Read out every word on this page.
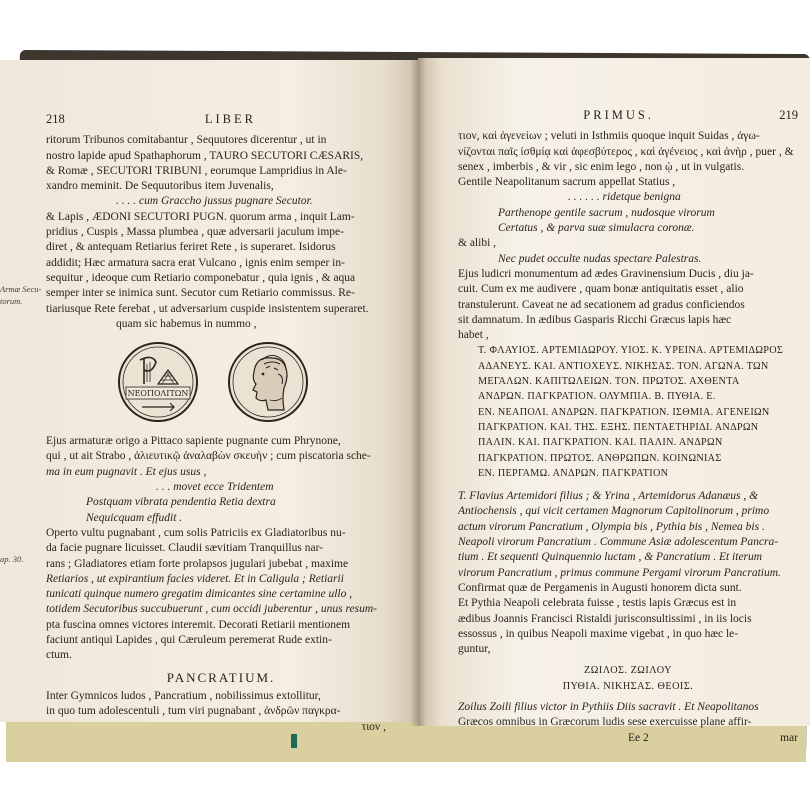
Armæ Secu-
torum.
ap. 30.
218	LIBER
ritorum Tribunos comitabantur , Sequutores dicerentur , ut in
nostro lapide apud Spathaphorum , TAURO SECUTORI CÆSARIS,
& Romæ , SECUTORI TRIBUNI , eorumque Lampridius in Ale-
xandro meminit. De Sequutoribus item Juvenalis,
. . . . cum Graccho jussus pugnare Secutor.
& Lapis , ÆDONI SECUTORI PUGN. quorum arma , inquit Lam-
pridius , Cuspis , Massa plumbea , quæ adversarii jaculum impe-
diret , & antequam Retiarius feriret Rete , is superaret. Isidorus
addidit; Hæc armatura sacra erat Vulcano , ignis enim semper in-
sequitur , ideoque cum Retiario componebatur , quia ignis , & aqua
semper inter se inimica sunt. Secutor cum Retiario commissus. Re-
tiariusque Rete ferebat , ut adversarium cuspide insistentem superaret.
quam sic habemus in nummo ,
ΝΕΟΠΟΛΙΤΩΝ
Ejus armaturæ origo a Pittaco sapiente pugnante cum Phrynone,
qui , ut ait Strabo , ἁλιευτικῷ ἀναλαβὼν σκευὴν ; cum piscatoria sche-
ma in eum pugnavit . Et ejus usus ,
. . . movet ecce Tridentem
Postquam vibrata pendentia Retia dextra
Nequicquam effudit .
Operto vultu pugnabant , cum solis Patriciis ex Gladiatoribus nu-
da facie pugnare licuisset. Claudii sævitiam Tranquillus nar-
rans ; Gladiatores etiam forte prolapsos jugulari jubebat , maxime
Retiarios , ut expirantium facies videret. Et in Caligula ; Retiarii
tunicati quinque numero gregatim dimicantes sine certamine ullo ,
totidem Secutoribus succubuerunt , cum occidi juberentur , unus resum-
pta fuscina omnes victores interemit. Decorati Retiarii mentionem
faciunt antiqui Lapides , qui Cæruleum peremerat Rude extin-
ctum.
PANCRATIUM.
Inter Gymnicos ludos , Pancratium , nobilissimus extollitur,
in quo tum adolescentuli , tum viri pugnabant , ἀνδρῶν παγκρα-
τιον ,
PRIMUS.	219
τιον, καὶ ἀγενείων ; veluti in Isthmiis quoque inquit Suidas , ἀγω-
νίζονται παῖς ἰσθμίᾳ καὶ ἀφεσβύτερος , καὶ ἀγένειος , καὶ ἀνὴρ , puer , &
senex , imberbis , & vir , sic enim lego , non ᾡ , ut in vulgatis.
Gentile Neapolitanum sacrum appellat Statius ,
. . . . . . ridetque benigna
Parthenope gentile sacrum , nudosque virorum
Certatus , & parva suæ simulacra coronæ.
& alibi ,
Nec pudet occulte nudas spectare Palestras.
Ejus ludicri monumentum ad ædes Gravinensium Ducis , diu ja-
cuit. Cum ex me audivere , quam bonæ antiquitatis esset , alio
transtulerunt. Caveat ne ad secationem ad gradus conficiendos
sit damnatum. In ædibus Gasparis Ricchi Græcus lapis hæc
habet ,
Τ. ΦΛΑΥΙΟΣ. ΑΡΤΕΜΙΔΩΡΟΥ. ΥΙΟΣ. Κ. ΥΡΕΙΝΑ. ΑΡΤΕΜΙΔΩΡΟΣ
ΑΔΑΝΕΥΣ. ΚΑΙ. ΑΝΤΙΟΧΕΥΣ. ΝΙΚΗΣΑΣ. ΤΟΝ. ΑΓΩΝΑ. ΤΩΝ
ΜΕΓΑΛΩΝ. ΚΑΠΙΤΩΛΕΙΩΝ. ΤΟΝ. ΠΡΩΤΟΣ. ΑΧΘΕΝΤΑ
ΑΝΔΡΩΝ. ΠΑΓΚΡΑΤΙΟΝ. ΟΛΥΜΠΙΑ. Β. ΠΥΘΙΑ. Ε.
ΕΝ. ΝΕΑΠΟΛΙ. ΑΝΔΡΩΝ. ΠΑΓΚΡΑΤΙΟΝ. ΙΣΘΜΙΑ. ΑΓΕΝΕΙΩΝ
ΠΑΓΚΡΑΤΙΟΝ. ΚΑΙ. ΤΗΣ. ΕΞΗΣ. ΠΕΝΤΑΕΤΗΡΙΔΙ. ΑΝΔΡΩΝ
ΠΑΛΙΝ. ΚΑΙ. ΠΑΓΚΡΑΤΙΟΝ. ΚΑΙ. ΠΑΛΙΝ. ΑΝΔΡΩΝ
ΠΑΓΚΡΑΤΙΟΝ. ΠΡΩΤΟΣ. ΑΝΘΡΩΠΩΝ. ΚΟΙΝΩΝΙΑΣ
ΕΝ. ΠΕΡΓΑΜΩ. ΑΝΔΡΩΝ. ΠΑΓΚΡΑΤΙΟΝ
T. Flavius Artemidori filius ; & Yrina , Artemidorus Adanæus , &
Antiochensis , qui vicit certamen Magnorum Capitolinorum , primo
actum virorum Pancratium , Olympia bis , Pythia bis , Nemea bis .
Neapoli virorum Pancratium . Commune Asiæ adolescentum Pancra-
tium . Et sequenti Quinquennio luctam , & Pancratium . Et iterum
virorum Pancratium , primus commune Pergami virorum Pancratium.
Confirmat quæ de Pergamenis in Augusti honorem dicta sunt.
Et Pythia Neapoli celebrata fuisse , testis lapis Græcus est in
ædibus Joannis Francisci Ristaldi jurisconsultissimi , in iis locis
essossus , in quibus Neapoli maxime vigebat , in quo hæc le-
guntur,
ΖΩΙΛΟΣ. ΖΩΙΛΟΥ
ΠΥΘΙΑ. ΝΙΚΗΣΑΣ. ΘΕΟΙΣ.
Zoilus Zoili filius victor in Pythiis Diis sacravit . Et Neapolitanos
Græcos omnibus in Græcorum ludis sese exercuisse plane affir-
Ee 2	mar
